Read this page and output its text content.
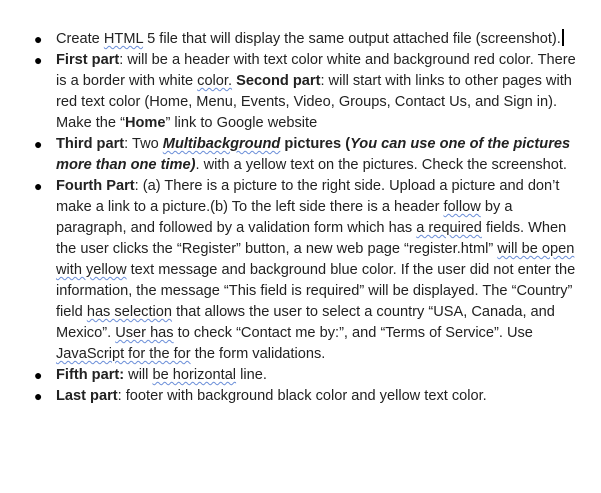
● Create HTML 5 file that will display the same output attached file (screenshot).
● First part: will be a header with text color white and background red color. There is a border with white color. Second part: will start with links to other pages with red text color (Home, Menu, Events, Video, Groups, Contact Us, and Sign in). Make the “Home” link to Google website
● Third part: Two Multibackground pictures (You can use one of the pictures more than one time). with a yellow text on the pictures. Check the screenshot.
● Fourth Part: (a) There is a picture to the right side. Upload a picture and don’t make a link to a picture.(b) To the left side there is a header follow by a paragraph, and followed by a validation form which has a required fields. When the user clicks the “Register” button, a new web page “register.html” will be open with yellow text message and background blue color. If the user did not enter the information, the message “This field is required” will be displayed. The “Country” field has selection that allows the user to select a country “USA, Canada, and Mexico”. User has to check “Contact me by:”, and “Terms of Service”. Use JavaScript for the for the form validations.
● Fifth part: will be horizontal line.
● Last part: footer with background black color and yellow text color.
